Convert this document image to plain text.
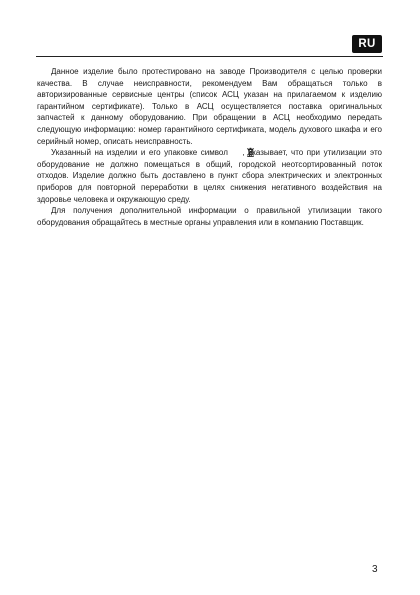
RU

Данное изделие было протестировано на заводе Производителя с целью проверки качества. В случае неисправности, рекомендуем Вам обращаться только в авторизированные сервисные центры (список АСЦ указан на прилагаемом к изделию гарантийном сертификате). Только в АСЦ осуществляется поставка оригинальных запчастей к данному оборудованию. При обращении в АСЦ необходимо передать следующую информацию: номер гарантийного сертификата, модель духового шкафа и его серийный номер, описать неисправность.

Указанный на изделии и его упаковке символ , указывает, что при утилизации это оборудование не должно помещаться в общий, городской неотсортированный поток отходов. Изделие должно быть доставлено в пункт сбора электрических и электронных приборов для повторной переработки в целях снижения негативного воздействия на здоровье человека и окружающую среду.

Для получения дополнительной информации о правильной утилизации такого оборудования обращайтесь в местные органы управления или в компанию Поставщик.

3
